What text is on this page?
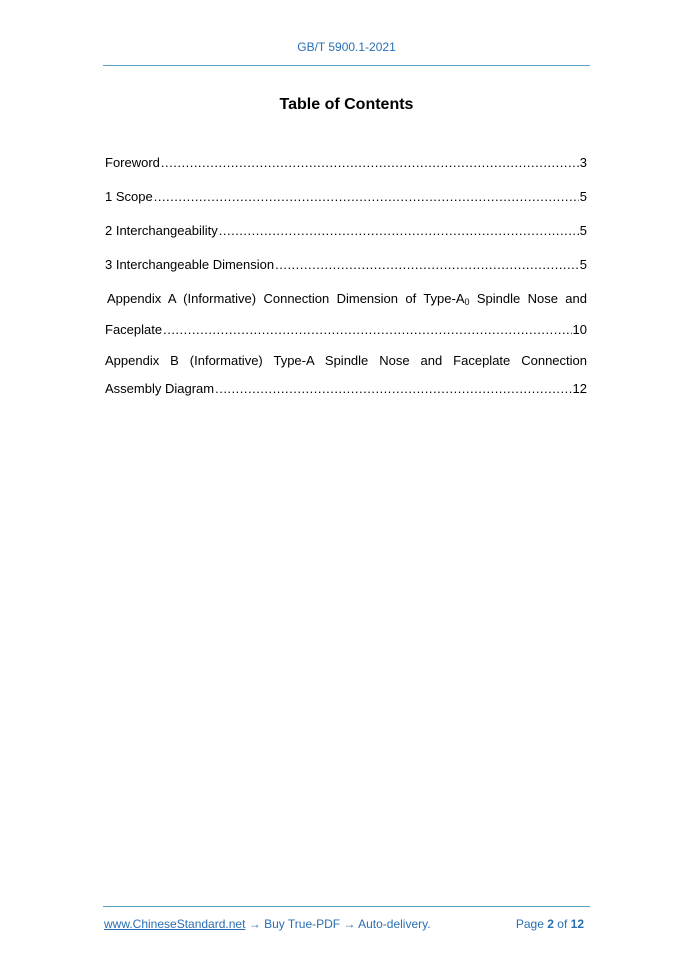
GB/T 5900.1-2021
Table of Contents
Foreword .....	3
1 Scope .....	5
2 Interchangeability .....	5
3 Interchangeable Dimension .....	5
Appendix A (Informative) Connection Dimension of Type-$A_0$ Spindle Nose and
Faceplate .....	10
Appendix B (Informative) Type-A Spindle Nose and Faceplate Connection
Assembly Diagram .....	12
www.ChineseStandard.net → Buy True-PDF → Auto-delivery.	Page 2 of 12
